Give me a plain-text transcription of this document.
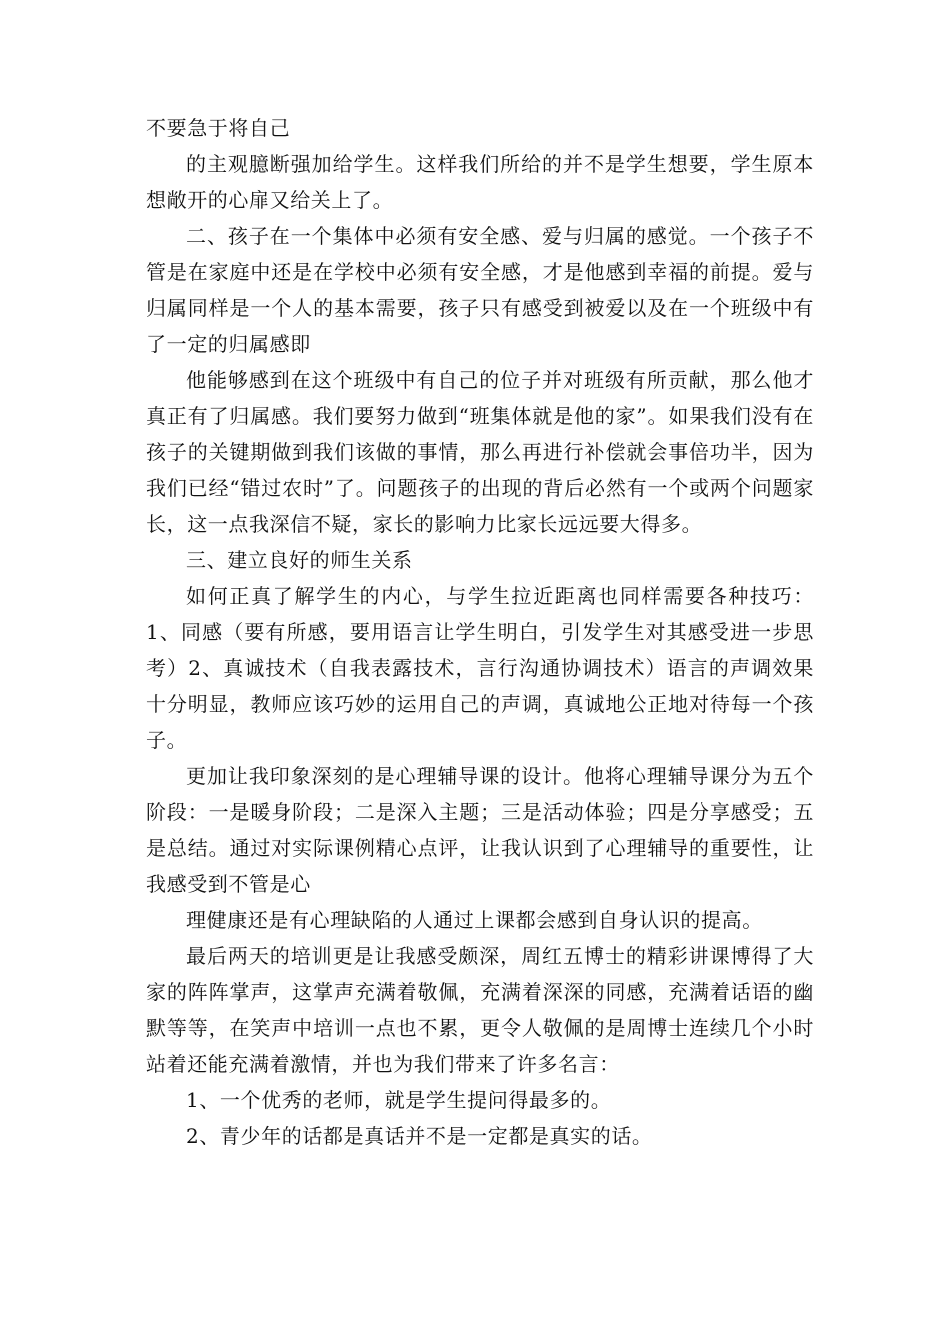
不要急于将自己

的主观臆断强加给学生。这样我们所给的并不是学生想要，学生原本想敞开的心扉又给关上了。

二、孩子在一个集体中必须有安全感、爱与归属的感觉。一个孩子不管是在家庭中还是在学校中必须有安全感，才是他感到幸福的前提。爱与归属同样是一个人的基本需要，孩子只有感受到被爱以及在一个班级中有了一定的归属感即

他能够感到在这个班级中有自己的位子并对班级有所贡献，那么他才真正有了归属感。我们要努力做到“班集体就是他的家”。如果我们没有在孩子的关键期做到我们该做的事情，那么再进行补偿就会事倍功半，因为我们已经“错过农时”了。问题孩子的出现的背后必然有一个或两个问题家长，这一点我深信不疑，家长的影响力比家长远远要大得多。

三、建立良好的师生关系

如何正真了解学生的内心，与学生拉近距离也同样需要各种技巧：1、同感（要有所感，要用语言让学生明白，引发学生对其感受进一步思考）2、真诚技术（自我表露技术，言行沟通协调技术）语言的声调效果十分明显，教师应该巧妙的运用自己的声调，真诚地公正地对待每一个孩子。

更加让我印象深刻的是心理辅导课的设计。他将心理辅导课分为五个阶段：一是暖身阶段；二是深入主题；三是活动体验；四是分享感受；五是总结。通过对实际课例精心点评，让我认识到了心理辅导的重要性，让我感受到不管是心

理健康还是有心理缺陷的人通过上课都会感到自身认识的提高。

最后两天的培训更是让我感受颇深，周红五博士的精彩讲课博得了大家的阵阵掌声，这掌声充满着敬佩，充满着深深的同感，充满着话语的幽默等等，在笑声中培训一点也不累，更令人敬佩的是周博士连续几个小时站着还能充满着激情，并也为我们带来了许多名言：

1、一个优秀的老师，就是学生提问得最多的。

2、青少年的话都是真话并不是一定都是真实的话。
